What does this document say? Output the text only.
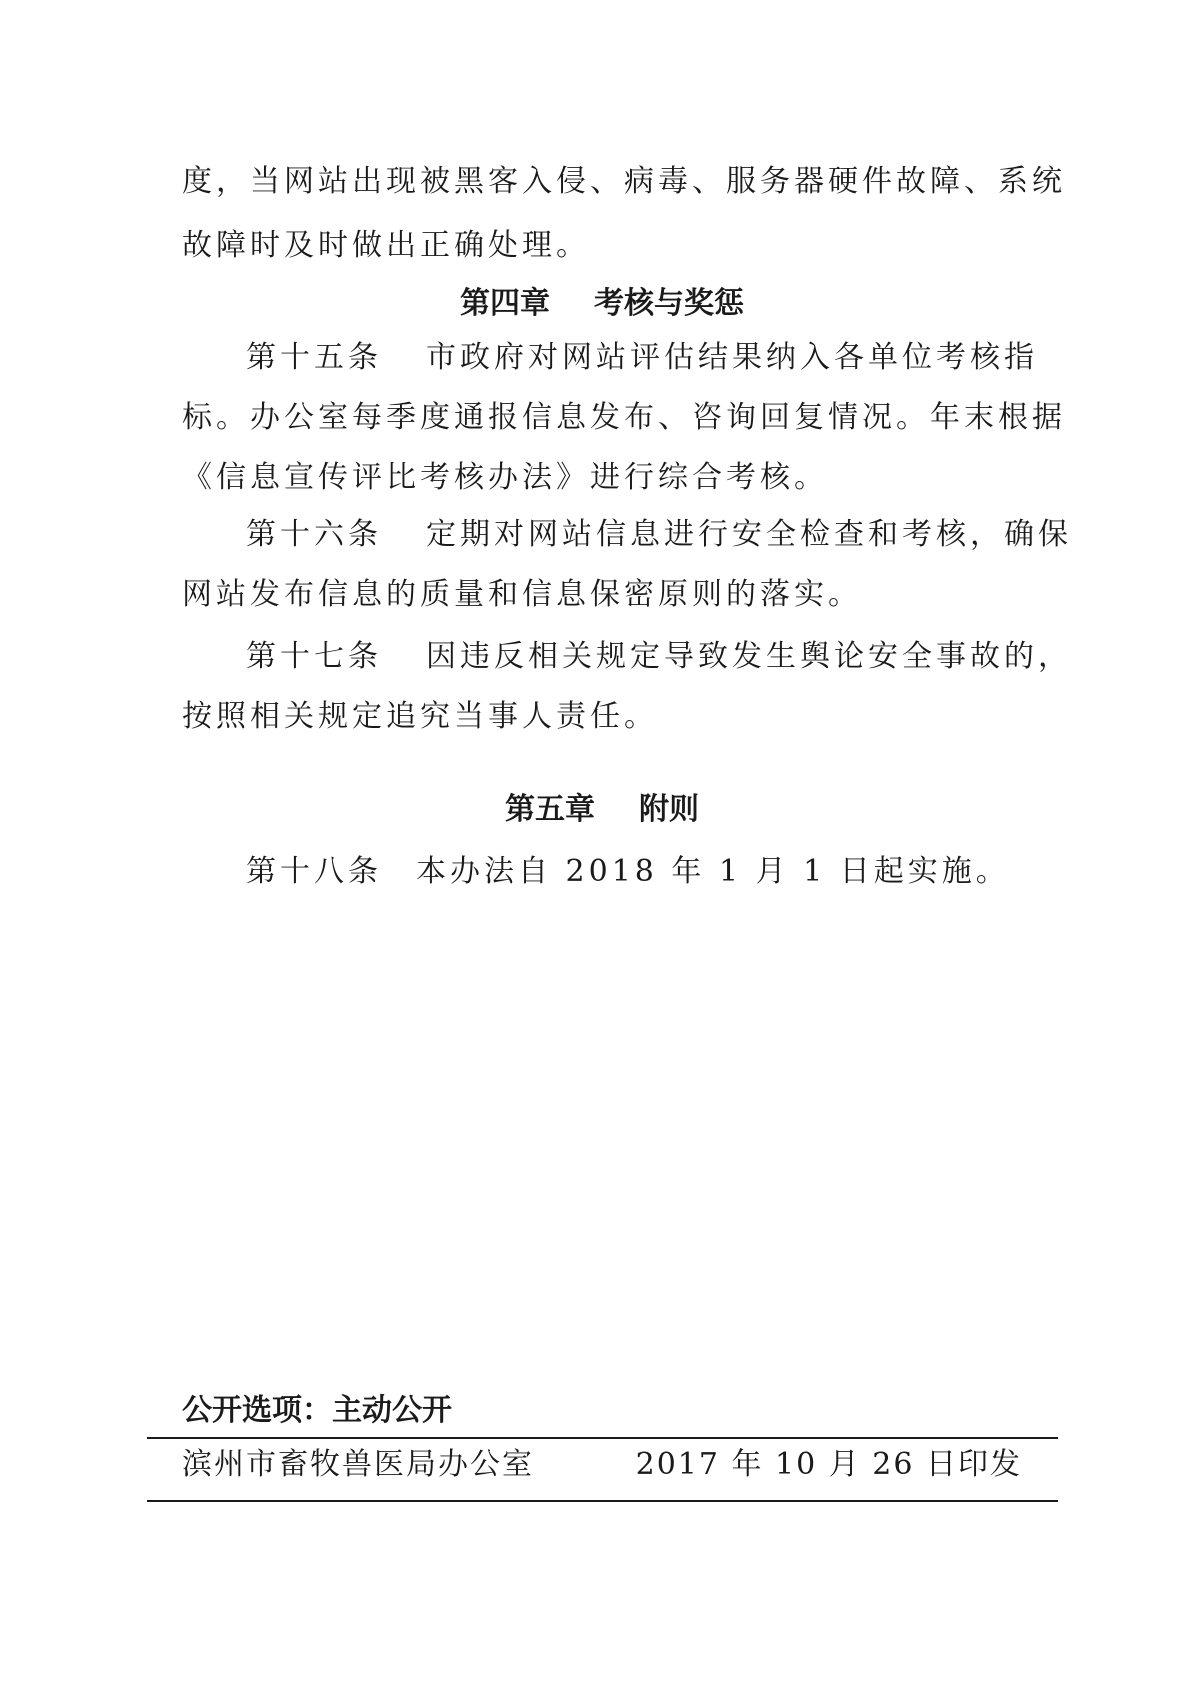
度，当网站出现被黑客入侵、病毒、服务器硬件故障、系统
故障时及时做出正确处理。
第四章 考核与奖惩
第十五条 市政府对网站评估结果纳入各单位考核指
标。办公室每季度通报信息发布、咨询回复情况。年末根据
《信息宣传评比考核办法》进行综合考核。
第十六条 定期对网站信息进行安全检查和考核，确保
网站发布信息的质量和信息保密原则的落实。
第十七条 因违反相关规定导致发生舆论安全事故的，
按照相关规定追究当事人责任。
第五章 附则
第十八条 本办法自 2018 年 1 月 1 日起实施。
公开选项：主动公开
滨州市畜牧兽医局办公室	2017 年 10 月 26 日印发
